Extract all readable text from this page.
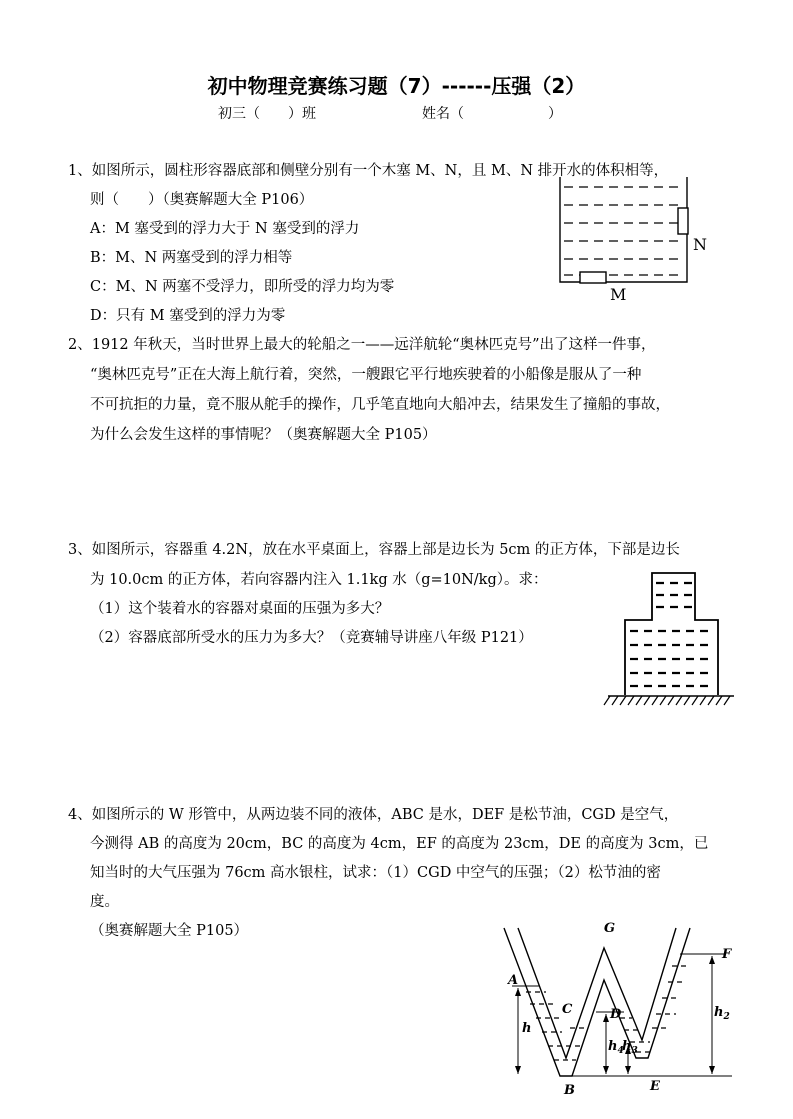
初中物理竞赛练习题（7）------压强（2）
初三（　　）班	姓名（　　　　　　）
1、如图所示，圆柱形容器底部和侧壁分别有一个木塞 M、N，且 M、N 排开水的体积相等，
则（　　）（奥赛解题大全 P106）
A：M 塞受到的浮力大于 N 塞受到的浮力
B：M、N 两塞受到的浮力相等
C：M、N 两塞不受浮力，即所受的浮力均为零
D：只有 M 塞受到的浮力为零
N
M
2、1912 年秋天，当时世界上最大的轮船之一——远洋航轮“奥林匹克号”出了这样一件事，
“奥林匹克号”正在大海上航行着，突然，一艘跟它平行地疾驶着的小船像是服从了一种
不可抗拒的力量，竟不服从舵手的操作，几乎笔直地向大船冲去，结果发生了撞船的事故，
为什么会发生这样的事情呢？（奥赛解题大全 P105）
3、如图所示，容器重 4.2N，放在水平桌面上，容器上部是边长为 5cm 的正方体，下部是边长
为 10.0cm 的正方体，若向容器内注入 1.1kg 水（g=10N/kg）。求：
（1）这个装着水的容器对桌面的压强为多大？
（2）容器底部所受水的压力为多大？（竞赛辅导讲座八年级 P121）
4、如图所示的 W 形管中，从两边装不同的液体，ABC 是水，DEF 是松节油，CGD 是空气，
今测得 AB 的高度为 20cm，BC 的高度为 4cm，EF 的高度为 23cm，DE 的高度为 3cm，已
知当时的大气压强为 76cm 高水银柱，试求：（1）CGD 中空气的压强；（2）松节油的密
度。
（奥赛解题大全 P105）
A
B
C	D
E
F
G
h
$h_2$
$h_4$
$h_3$
